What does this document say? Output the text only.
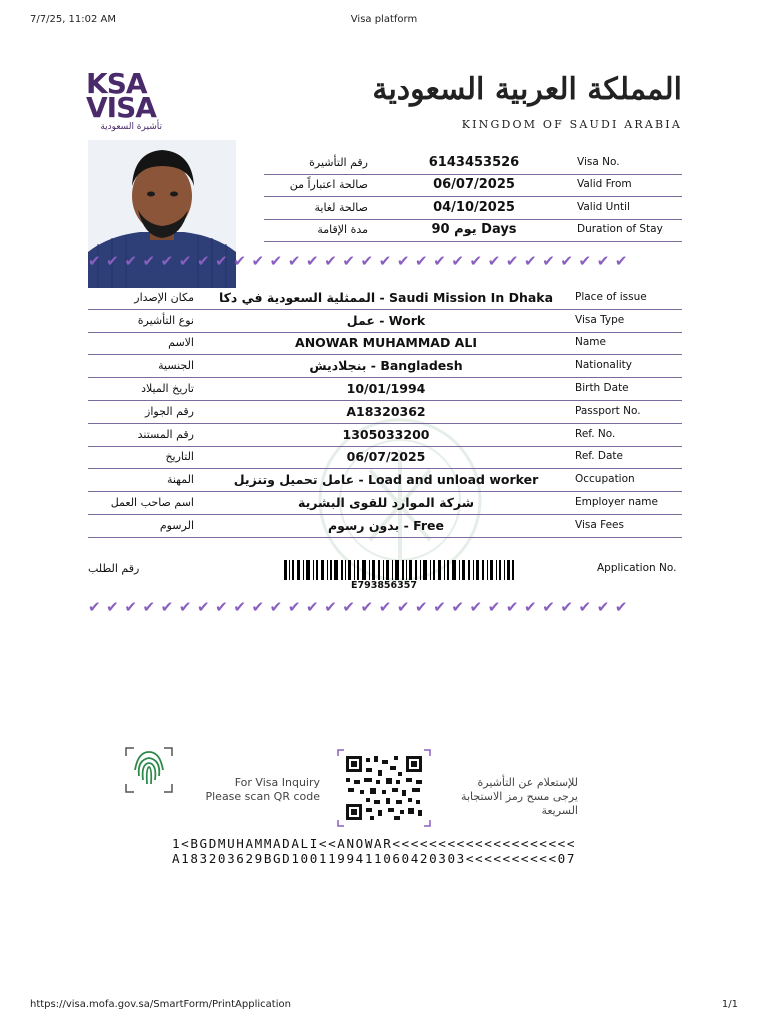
7/7/25, 11:02 AM	Visa platform
KSA
VISA
تأشيرة السعودية
المملكة العربية السعودية
KINGDOM OF SAUDI ARABIA
رقم التأشيرة	6143453526	Visa No.
صالحة اعتباراً من	06/07/2025	Valid From
صالحة لغاية	04/10/2025	Valid Until
مدة الإقامة	90 يوم Days	Duration of Stay
✔✔✔✔✔✔✔✔✔✔✔✔✔✔✔✔✔✔✔✔✔✔✔✔✔✔✔✔✔✔
مكان الإصدار	الممثلية السعودية في دكا - Saudi Mission In Dhaka	Place of issue
نوع التأشيرة	عمل - Work	Visa Type
الاسم	ANOWAR MUHAMMAD ALI	Name
الجنسية	بنجلاديش - Bangladesh	Nationality
تاريخ الميلاد	10/01/1994	Birth Date
رقم الجواز	A18320362	Passport No.
رقم المستند	1305033200	Ref. No.
التاريخ	06/07/2025	Ref. Date
المهنة	عامل تحميل وتنزيل - Load and unload worker	Occupation
اسم صاحب العمل	شركة الموارد للقوى البشرية	Employer name
الرسوم	بدون رسوم - Free	Visa Fees
رقم الطلب	Application No.
E793856357
✔✔✔✔✔✔✔✔✔✔✔✔✔✔✔✔✔✔✔✔✔✔✔✔✔✔✔✔✔✔
For Visa Inquiry
Please scan QR code
للإستعلام عن التأشيرة
يرجى مسح رمز الاستجابة السريعة
1<BGDMUHAMMADALI<<ANOWAR<<<<<<<<<<<<<<<<<<<<
A183203629BGD1001199411060420303<<<<<<<<<<07
https://visa.mofa.gov.sa/SmartForm/PrintApplication	1/1
